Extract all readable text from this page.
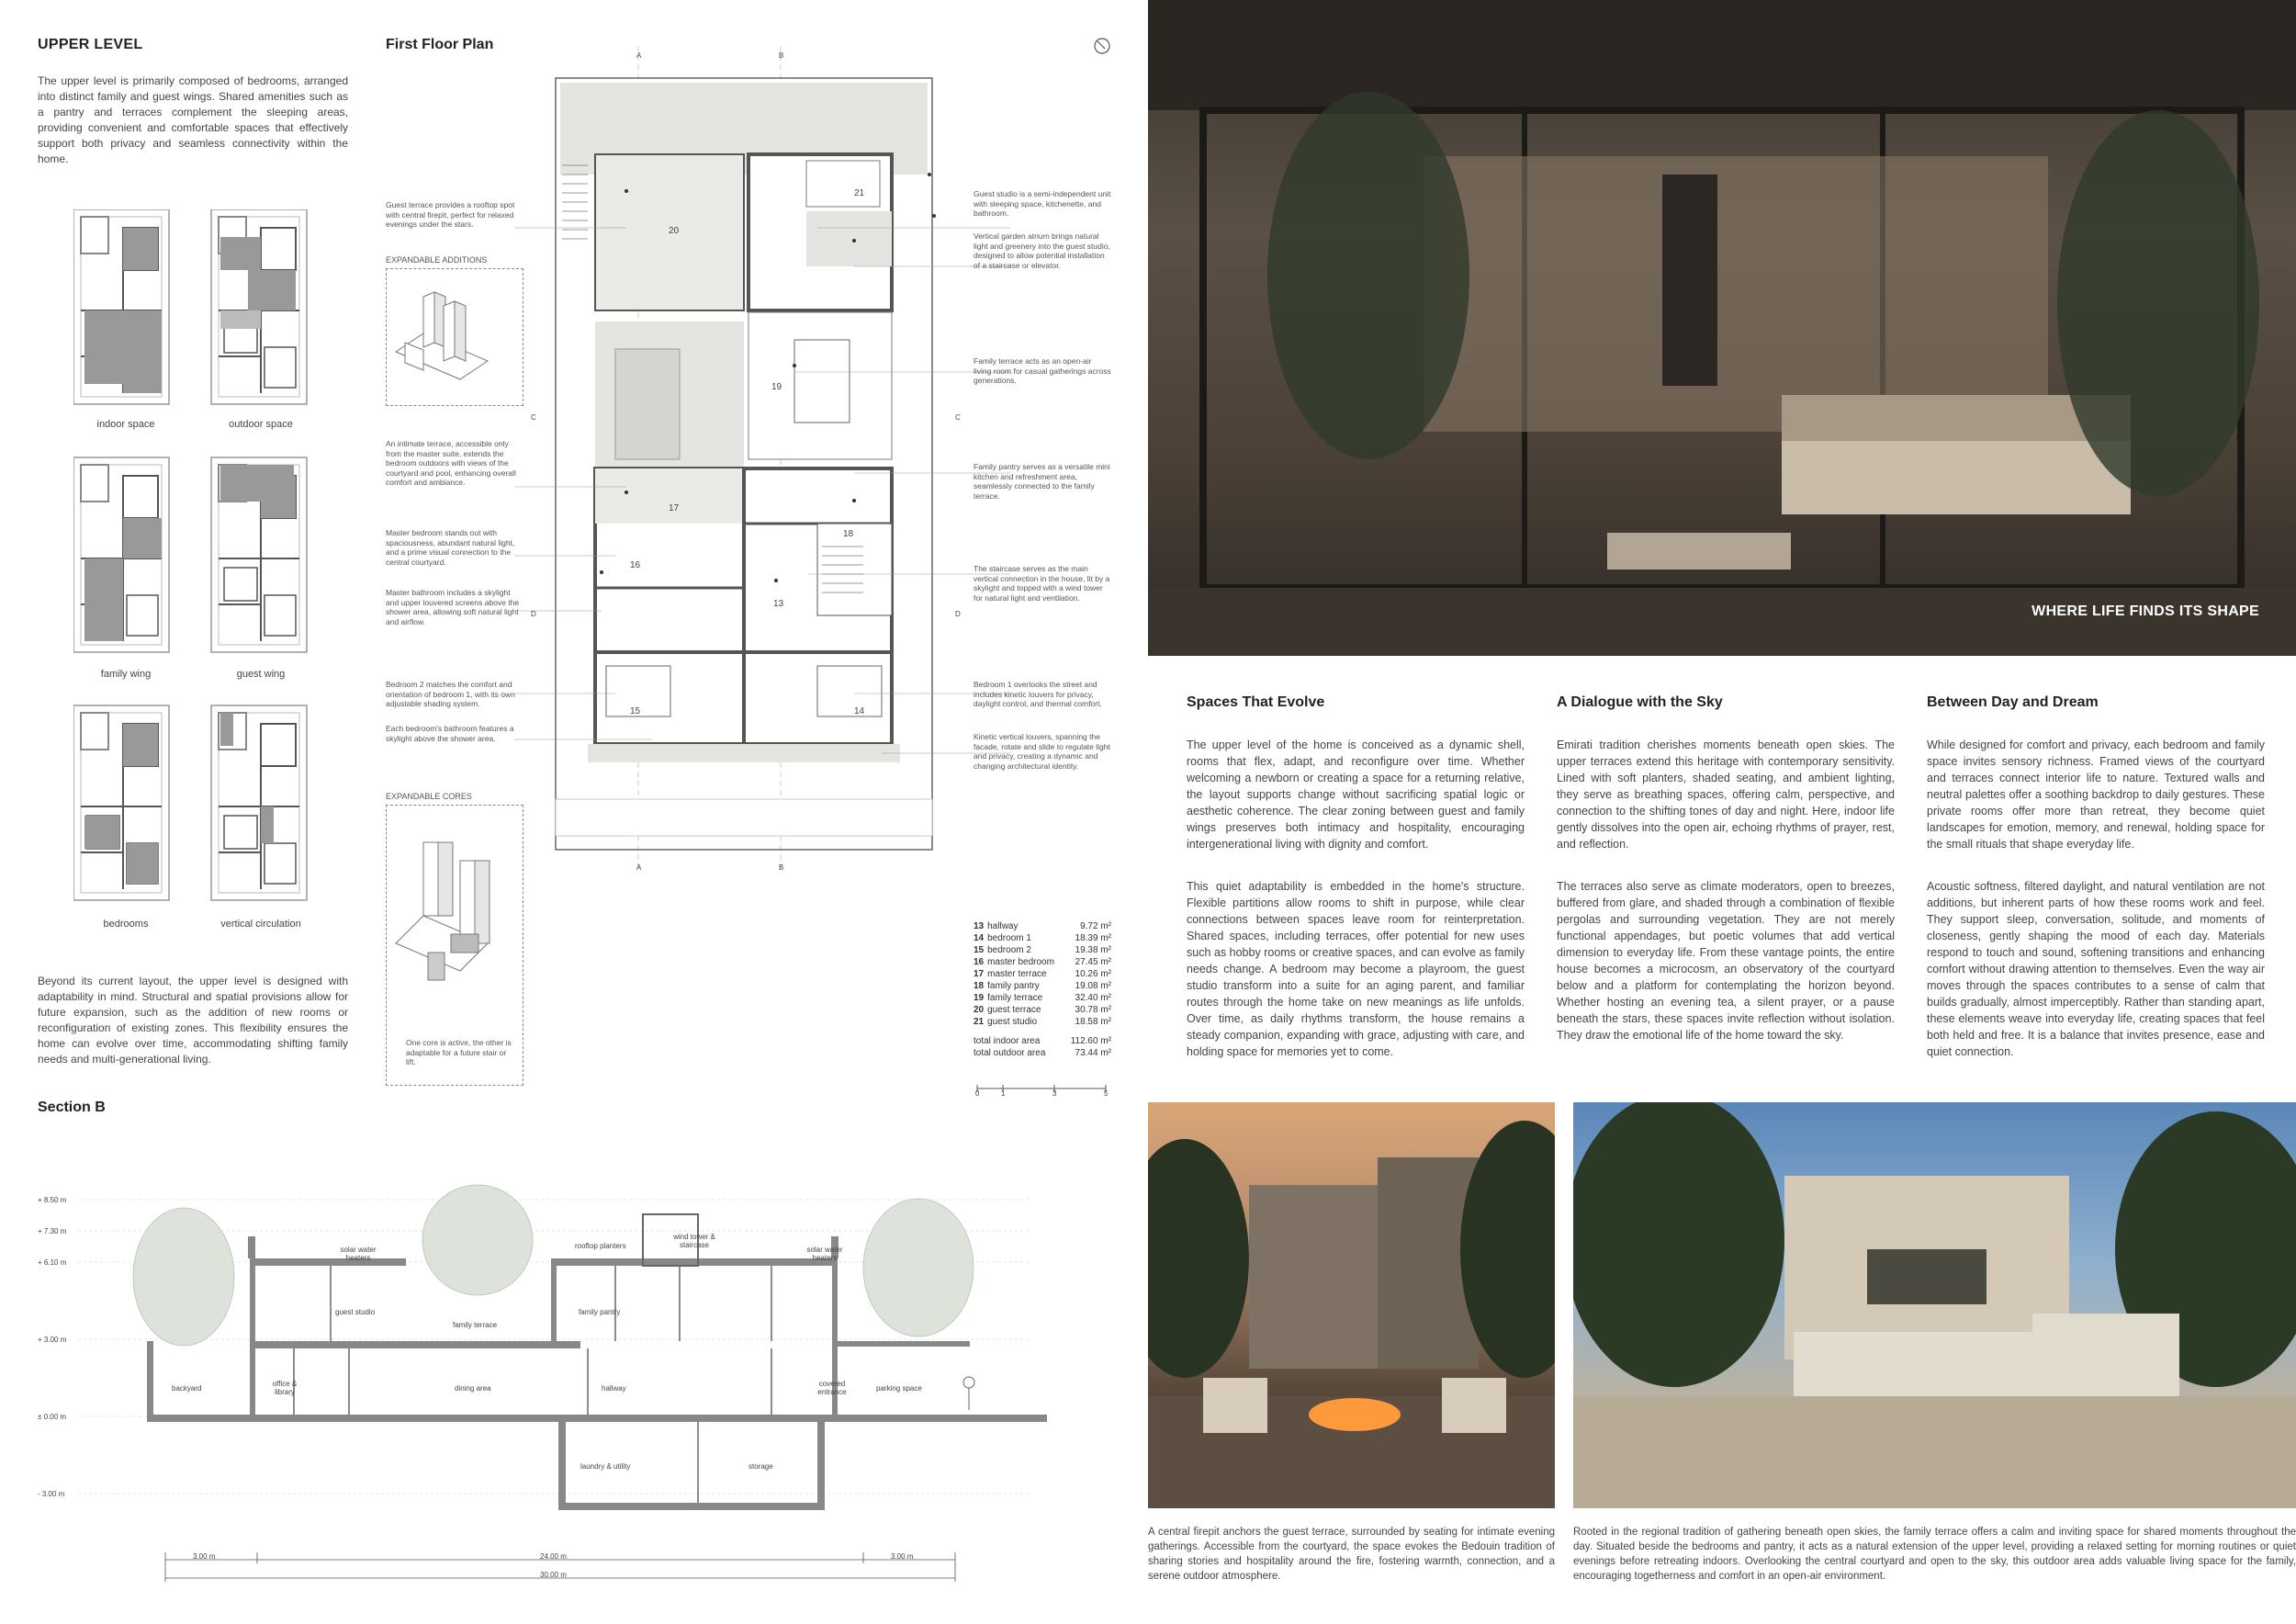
UPPER LEVEL
The upper level is primarily composed of bedrooms, arranged into distinct family and guest wings. Shared amenities such as a pantry and terraces complement the sleeping areas, providing convenient and comfortable spaces that effectively support both privacy and seamless connectivity within the home.
indoor space	outdoor space
family wing	guest wing
bedrooms	vertical circulation
Beyond its current layout, the upper level is designed with adaptability in mind. Structural and spatial provisions allow for future expansion, such as the addition of new rooms or reconfiguration of existing zones. This flexibility ensures the home can evolve over time, accommodating shifting family needs and multi-generational living.
First Floor Plan
EXPANDABLE ADDITIONS
EXPANDABLE CORES
One core is active, the other is adaptable for a future stair or lift.
A	B
A	B
C	C
D	D
20
21
19
17
18
16
13
15	14
Guest terrace provides a rooftop spot with central firepit, perfect for relaxed evenings under the stars.
An intimate terrace, accessible only from the master suite, extends the bedroom outdoors with views of the courtyard and pool, enhancing overall comfort and ambiance.
Master bedroom stands out with spaciousness, abundant natural light, and a prime visual connection to the central courtyard.
Master bathroom includes a skylight and upper louvered screens above the shower area, allowing soft natural light and airflow.
Bedroom 2 matches the comfort and orientation of bedroom 1, with its own adjustable shading system.
Each bedroom's bathroom features a skylight above the shower area.
Guest studio is a semi-independent unit with sleeping space, kitchenette, and bathroom.
Vertical garden atrium brings natural light and greenery into the guest studio, designed to allow potential installation of a staircase or elevator.
Family terrace acts as an open-air living room for casual gatherings across generations.
Family pantry serves as a versatile mini kitchen and refreshment area, seamlessly connected to the family terrace.
The staircase serves as the main vertical connection in the house, lit by a skylight and topped with a wind tower for natural light and ventilation.
Bedroom 1 overlooks the street and includes kinetic louvers for privacy, daylight control, and thermal comfort.
Kinetic vertical louvers, spanning the facade, rotate and slide to regulate light and privacy, creating a dynamic and changing architectural identity.
13 hallway	9.72 m²
14 bedroom 1	18.39 m²
15 bedroom 2	19.38 m²
16 master bedroom 27.45 m²
17 master terrace	10.26 m²
18 family pantry	19.08 m²
19 family terrace	32.40 m²
20 guest terrace	30.78 m²
21 guest studio	18.58 m²
total indoor area	112.60 m²
total outdoor area	73.44 m²
0	1	3	5
Section B
+ 8.50 m
+ 7.30 m
+ 6.10 m
+ 3.00 m
± 0.00 m
- 3.00 m
solar water heaters
rooftop planters
wind tower & staircase
solar water heaters
guest studio
family terrace
family pantry
backyard
office & library	dining area	hallway
covered entrance	parking space
laundry & utility	storage
3.00 m	24.00 m	3.00 m
30.00 m
WHERE LIFE FINDS ITS SHAPE
Spaces That Evolve
The upper level of the home is conceived as a dynamic shell, rooms that flex, adapt, and reconfigure over time. Whether welcoming a newborn or creating a space for a returning relative, the layout supports change without sacrificing spatial logic or aesthetic coherence. The clear zoning between guest and family wings preserves both intimacy and hospitality, encouraging intergenerational living with dignity and comfort.
This quiet adaptability is embedded in the home's structure. Flexible partitions allow rooms to shift in purpose, while clear connections between spaces leave room for reinterpretation. Shared spaces, including terraces, offer potential for new uses such as hobby rooms or creative spaces, and can evolve as family needs change. A bedroom may become a playroom, the guest studio transform into a suite for an aging parent, and familiar routes through the home take on new meanings as life unfolds. Over time, as daily rhythms transform, the house remains a steady companion, expanding with grace, adjusting with care, and holding space for memories yet to come.
A Dialogue with the Sky
Emirati tradition cherishes moments beneath open skies. The upper terraces extend this heritage with contemporary sensitivity. Lined with soft planters, shaded seating, and ambient lighting, they serve as breathing spaces, offering calm, perspective, and connection to the shifting tones of day and night. Here, indoor life gently dissolves into the open air, echoing rhythms of prayer, rest, and reflection.
The terraces also serve as climate moderators, open to breezes, buffered from glare, and shaded through a combination of flexible pergolas and surrounding vegetation. They are not merely functional appendages, but poetic volumes that add vertical dimension to everyday life. From these vantage points, the entire house becomes a microcosm, an observatory of the courtyard below and a platform for contemplating the horizon beyond. Whether hosting an evening tea, a silent prayer, or a pause beneath the stars, these spaces invite reflection without isolation. They draw the emotional life of the home toward the sky.
Between Day and Dream
While designed for comfort and privacy, each bedroom and family space invites sensory richness. Framed views of the courtyard and terraces connect interior life to nature. Textured walls and neutral palettes offer a soothing backdrop to daily gestures. These private rooms offer more than retreat, they become quiet landscapes for emotion, memory, and renewal, holding space for the small rituals that shape everyday life.
Acoustic softness, filtered daylight, and natural ventilation are not additions, but inherent parts of how these rooms work and feel. They support sleep, conversation, solitude, and moments of closeness, gently shaping the mood of each day. Materials respond to touch and sound, softening transitions and enhancing comfort without drawing attention to themselves. Even the way air moves through the spaces contributes to a sense of calm that builds gradually, almost imperceptibly. Rather than standing apart, these elements weave into everyday life, creating spaces that feel both held and free. It is a balance that invites presence, ease and quiet connection.
A central firepit anchors the guest terrace, surrounded by seating for intimate evening gatherings. Accessible from the courtyard, the space evokes the Bedouin tradition of sharing stories and hospitality around the fire, fostering warmth, connection, and a serene outdoor atmosphere.
Rooted in the regional tradition of gathering beneath open skies, the family terrace offers a calm and inviting space for shared moments throughout the day. Situated beside the bedrooms and pantry, it acts as a natural extension of the upper level, providing a relaxed setting for morning routines or quiet evenings before retreating indoors. Overlooking the central courtyard and open to the sky, this outdoor area adds valuable living space for the family, encouraging togetherness and comfort in an open-air environment.
